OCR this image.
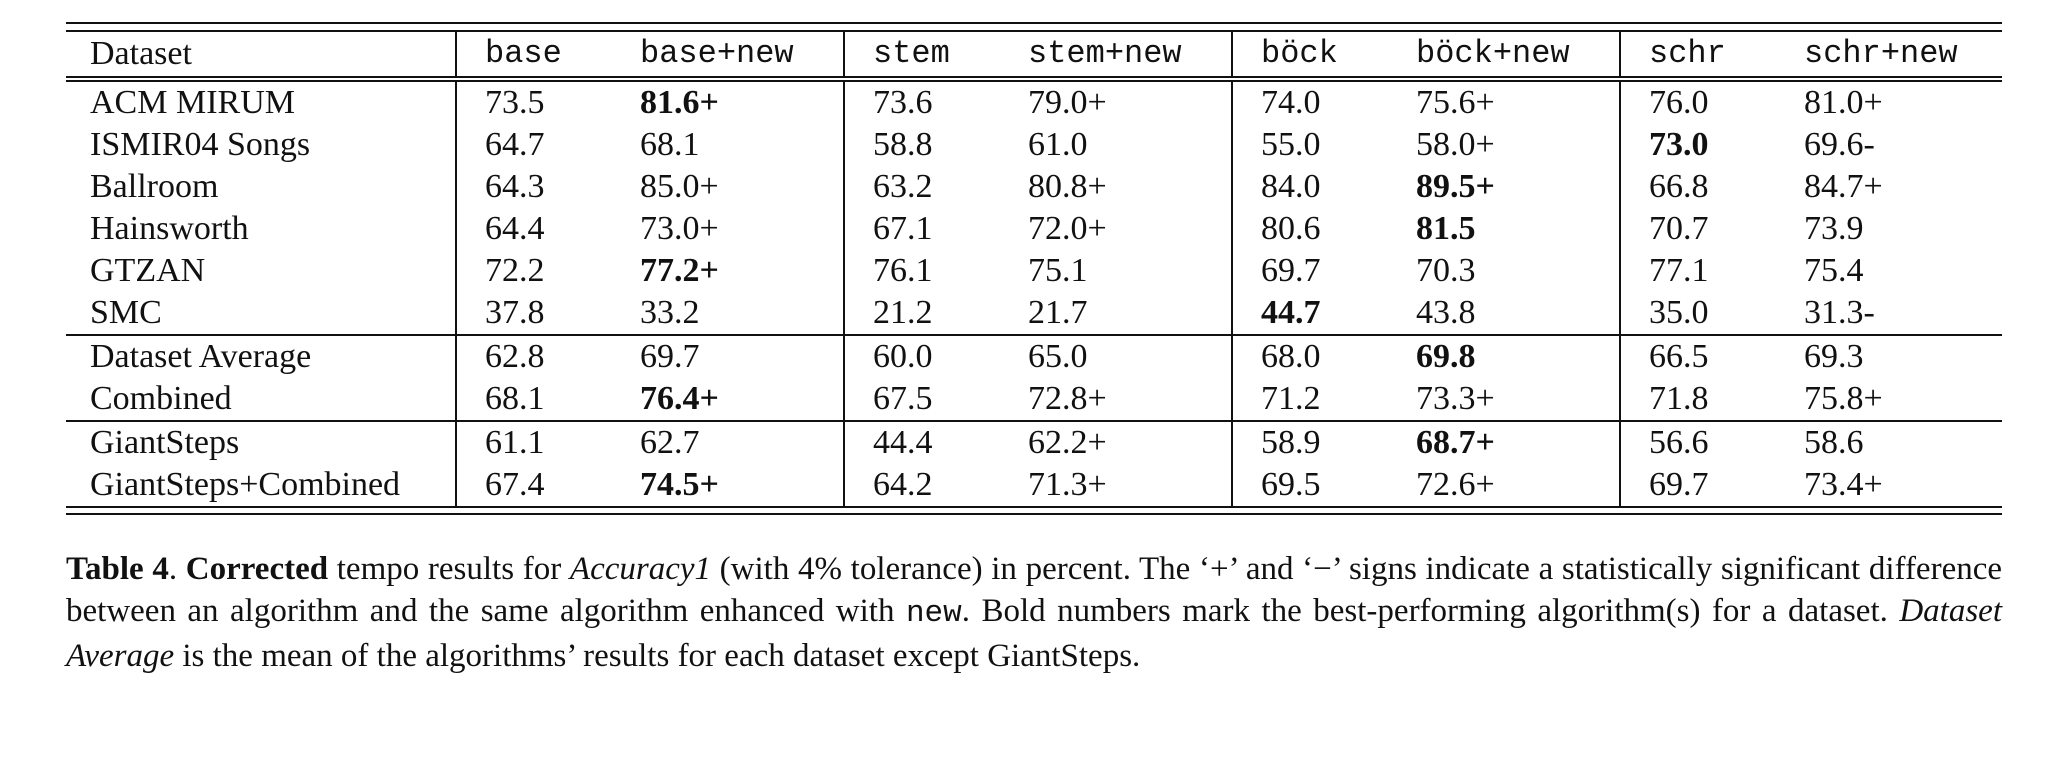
Dataset	base	base+new	stem	stem+new	böck	böck+new	schr	schr+new
ACM MIRUM	73.5	81.6+	73.6	79.0+	74.0	75.6+	76.0	81.0+
ISMIR04 Songs	64.7	68.1	58.8	61.0	55.0	58.0+	73.0	69.6-
Ballroom	64.3	85.0+	63.2	80.8+	84.0	89.5+	66.8	84.7+
Hainsworth	64.4	73.0+	67.1	72.0+	80.6	81.5	70.7	73.9
GTZAN	72.2	77.2+	76.1	75.1	69.7	70.3	77.1	75.4
SMC	37.8	33.2	21.2	21.7	44.7	43.8	35.0	31.3-
Dataset Average	62.8	69.7	60.0	65.0	68.0	69.8	66.5	69.3
Combined	68.1	76.4+	67.5	72.8+	71.2	73.3+	71.8	75.8+
GiantSteps	61.1	62.7	44.4	62.2+	58.9	68.7+	56.6	58.6
GiantSteps+Combined	67.4	74.5+	64.2	71.3+	69.5	72.6+	69.7	73.4+
Table 4. Corrected tempo results for Accuracy1 (with 4% tolerance) in percent. The ‘+’ and ‘−’ signs indicate a statistically significant difference between an algorithm and the same algorithm enhanced with new. Bold numbers mark the best-performing algorithm(s) for a dataset. Dataset Average is the mean of the algorithms’ results for each dataset except GiantSteps.
